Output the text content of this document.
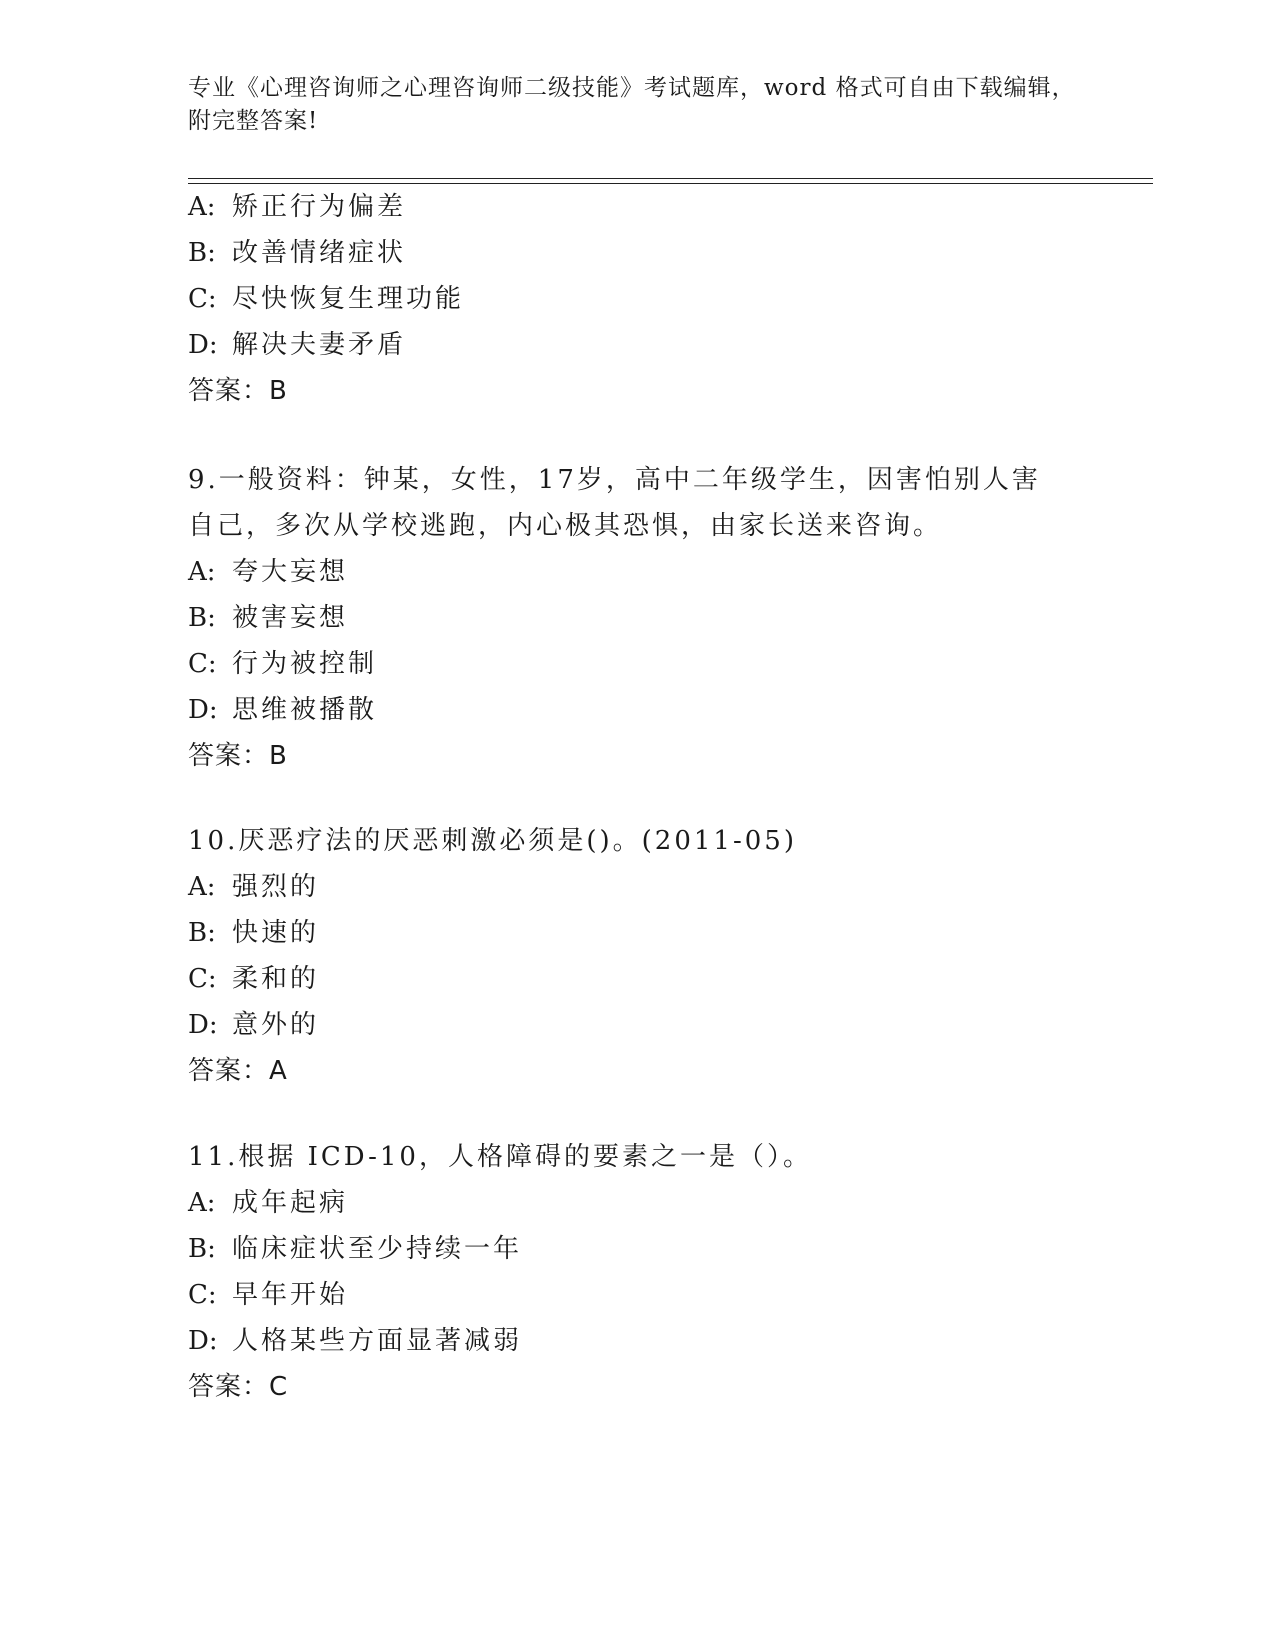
专业《心理咨询师之心理咨询师二级技能》考试题库，word 格式可自由下载编辑，附完整答案!
A: 矫正行为偏差
B: 改善情绪症状
C: 尽快恢复生理功能
D: 解决夫妻矛盾
答案：B
9.一般资料：钟某，女性，17岁，高中二年级学生，因害怕别人害自己，多次从学校逃跑，内心极其恐惧，由家长送来咨询。
A: 夸大妄想
B: 被害妄想
C: 行为被控制
D: 思维被播散
答案：B
10.厌恶疗法的厌恶刺激必须是()。(2011-05)
A: 强烈的
B: 快速的
C: 柔和的
D: 意外的
答案：A
11.根据 ICD-10，人格障碍的要素之一是（）。
A: 成年起病
B: 临床症状至少持续一年
C: 早年开始
D: 人格某些方面显著减弱
答案：C
